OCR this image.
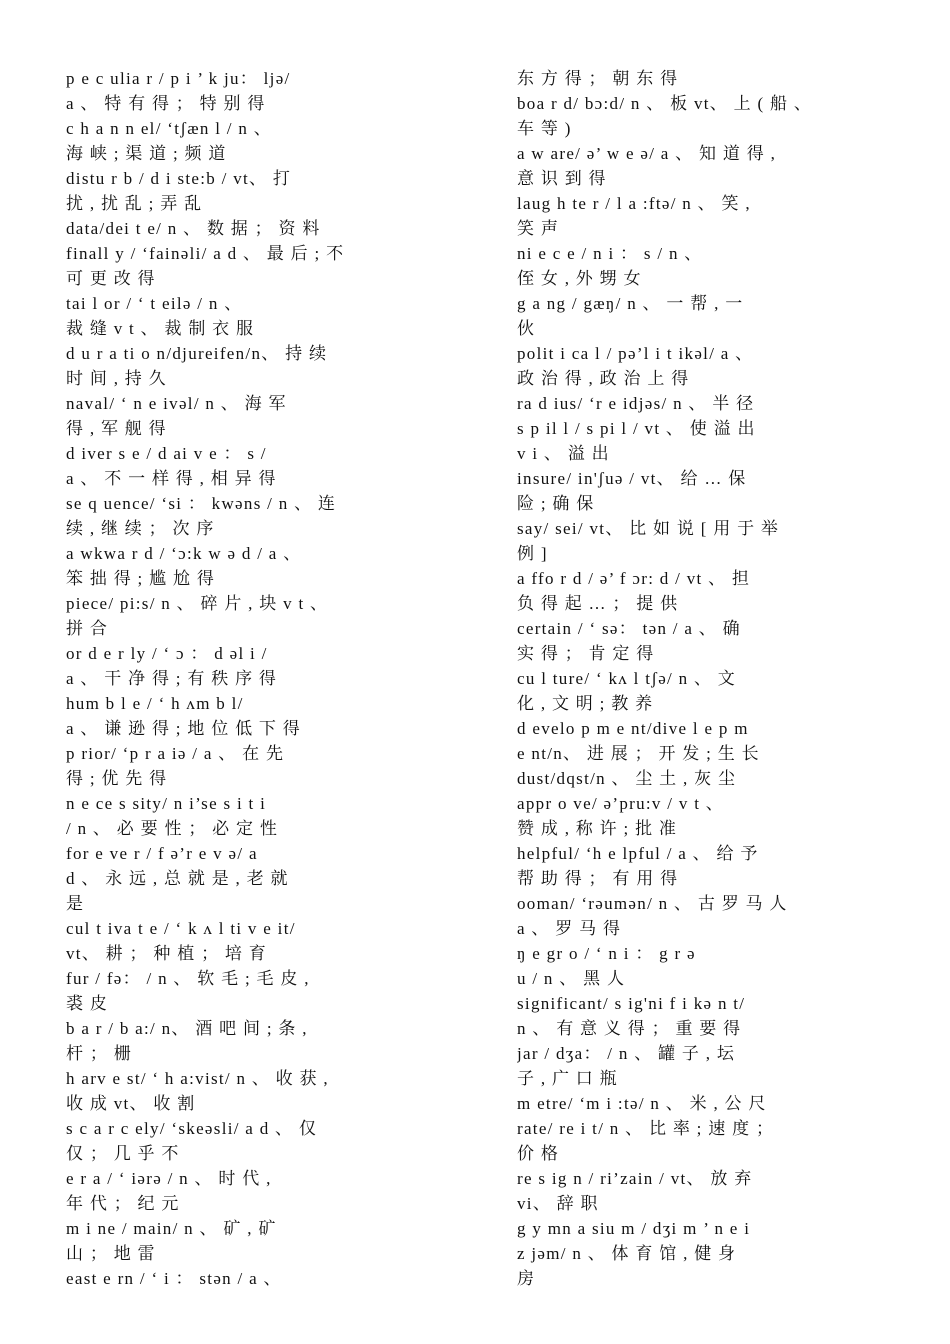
p e c ulia r / p i ’ k ju： ljə/
a 、 特 有 得 ； 特 别 得
c h a n n el/ ‘tʃæn l / n 、
海 峡 ; 渠 道 ; 频 道
distu r b / d i ste:b / vt、 打
扰 , 扰 乱 ; 弄 乱
data/dei t e/ n 、 数 据 ； 资 料
finall y / ‘fainəli/ a d 、 最 后 ; 不
可 更 改 得
tai l or / ‘ t eilə / n 、
裁 缝 v t 、 裁 制 衣 服
d u r a ti o n/djureifen/n、 持 续
时 间 , 持 久
naval/ ‘ n e ivəl/ n 、 海 军
得 , 军 舰 得
d iver s e / d ai v e ： s /
a 、 不 一 样 得 , 相 异 得
se q uence/ ‘si ： kwəns / n 、 连
续 , 继 续 ； 次 序
a wkwa r d / ‘ɔ:k w ə d / a 、
笨 拙 得 ; 尴 尬 得
piece/ pi:s/ n 、 碎 片 , 块 v t 、
拼 合
or d e r ly / ‘ ɔ ： d əl i /
a 、 干 净 得 ; 有 秩 序 得
hum b l e / ‘ h ʌm b l/
a 、 谦 逊 得 ; 地 位 低 下 得
p rior/ ‘p r a iə / a 、 在 先
得 ; 优 先 得
n e ce s sity/ n i’se s i t i
/ n 、 必 要 性 ； 必 定 性
for e ve r / f ə’r e v ə/ a
d 、 永 远 , 总 就 是 , 老 就
是
cul t iva t e / ‘ k ʌ l ti v e it/
vt、 耕 ； 种 植 ； 培 育
fur / fə： / n 、 软 毛 ; 毛 皮 ,
裘 皮
b a r / b a:/ n、 酒 吧 间 ; 条 ,
杆 ； 栅
h arv e st/ ‘ h a:vist/ n 、 收 获 ,
收 成 vt、 收 割
s c a r c ely/ ‘skeəsli/ a d 、 仅
仅 ； 几 乎 不
e r a / ‘ iərə / n 、 时 代 ,
年 代 ； 纪 元
m i ne / main/ n 、 矿 , 矿
山 ； 地 雷
east e rn / ‘ i ： stən / a 、
东 方 得 ； 朝 东 得
boa r d/ bɔ:d/ n 、 板 vt、 上 ( 船 、
车 等 )
a w are/ ə’ w e ə/ a 、 知 道 得 ,
意 识 到 得
laug h te r / l a :ftə/ n 、 笑 ,
笑 声
ni e c e / n i ： s / n 、
侄 女 , 外 甥 女
g a ng / gæŋ/ n 、 一 帮 , 一
伙
polit i ca l / pə’l i t ikəl/ a 、
政 治 得 , 政 治 上 得
ra d ius/ ‘r e idjəs/ n 、 半 径
s p il l / s pi l / vt 、 使 溢 出
v i 、 溢 出
insure/ in'ʃuə / vt、 给 … 保
险 ; 确 保
say/ sei/ vt、 比 如 说 [ 用 于 举
例 ]
a ffo r d / ə’ f ɔr: d / vt 、 担
负 得 起 … ； 提 供
certain / ‘ sə： tən / a 、 确
实 得 ； 肯 定 得
cu l ture/ ‘ kʌ l tʃə/ n 、 文
化 , 文 明 ; 教 养
d evelo p m e nt/dive l e p m
e nt/n、 进 展 ； 开 发 ; 生 长
dust/dqst/n 、 尘 土 , 灰 尘
appr o ve/ ə’pru:v / v t 、
赞 成 , 称 许 ; 批 准
helpful/ ‘h e lpful / a 、 给 予
帮 助 得 ； 有 用 得
ooman/ ‘rəumən/ n 、 古 罗 马 人
a 、 罗 马 得
ŋ e gr o / ‘ n i ： g r ə
u / n 、 黑 人
significant/ s ig'ni f i kə n t/
n 、 有 意 义 得 ； 重 要 得
jar / dʒa： / n 、 罐 子 , 坛
子 , 广 口 瓶
m etre/ ‘m i :tə/ n 、 米 , 公 尺
rate/ re i t/ n 、 比 率 ; 速 度 ；
价 格
re s ig n / ri’zain / vt、 放 弃
vi、 辞 职
g y mn a siu m / dʒi m ’ n e i
z jəm/ n 、 体 育 馆 , 健 身
房
